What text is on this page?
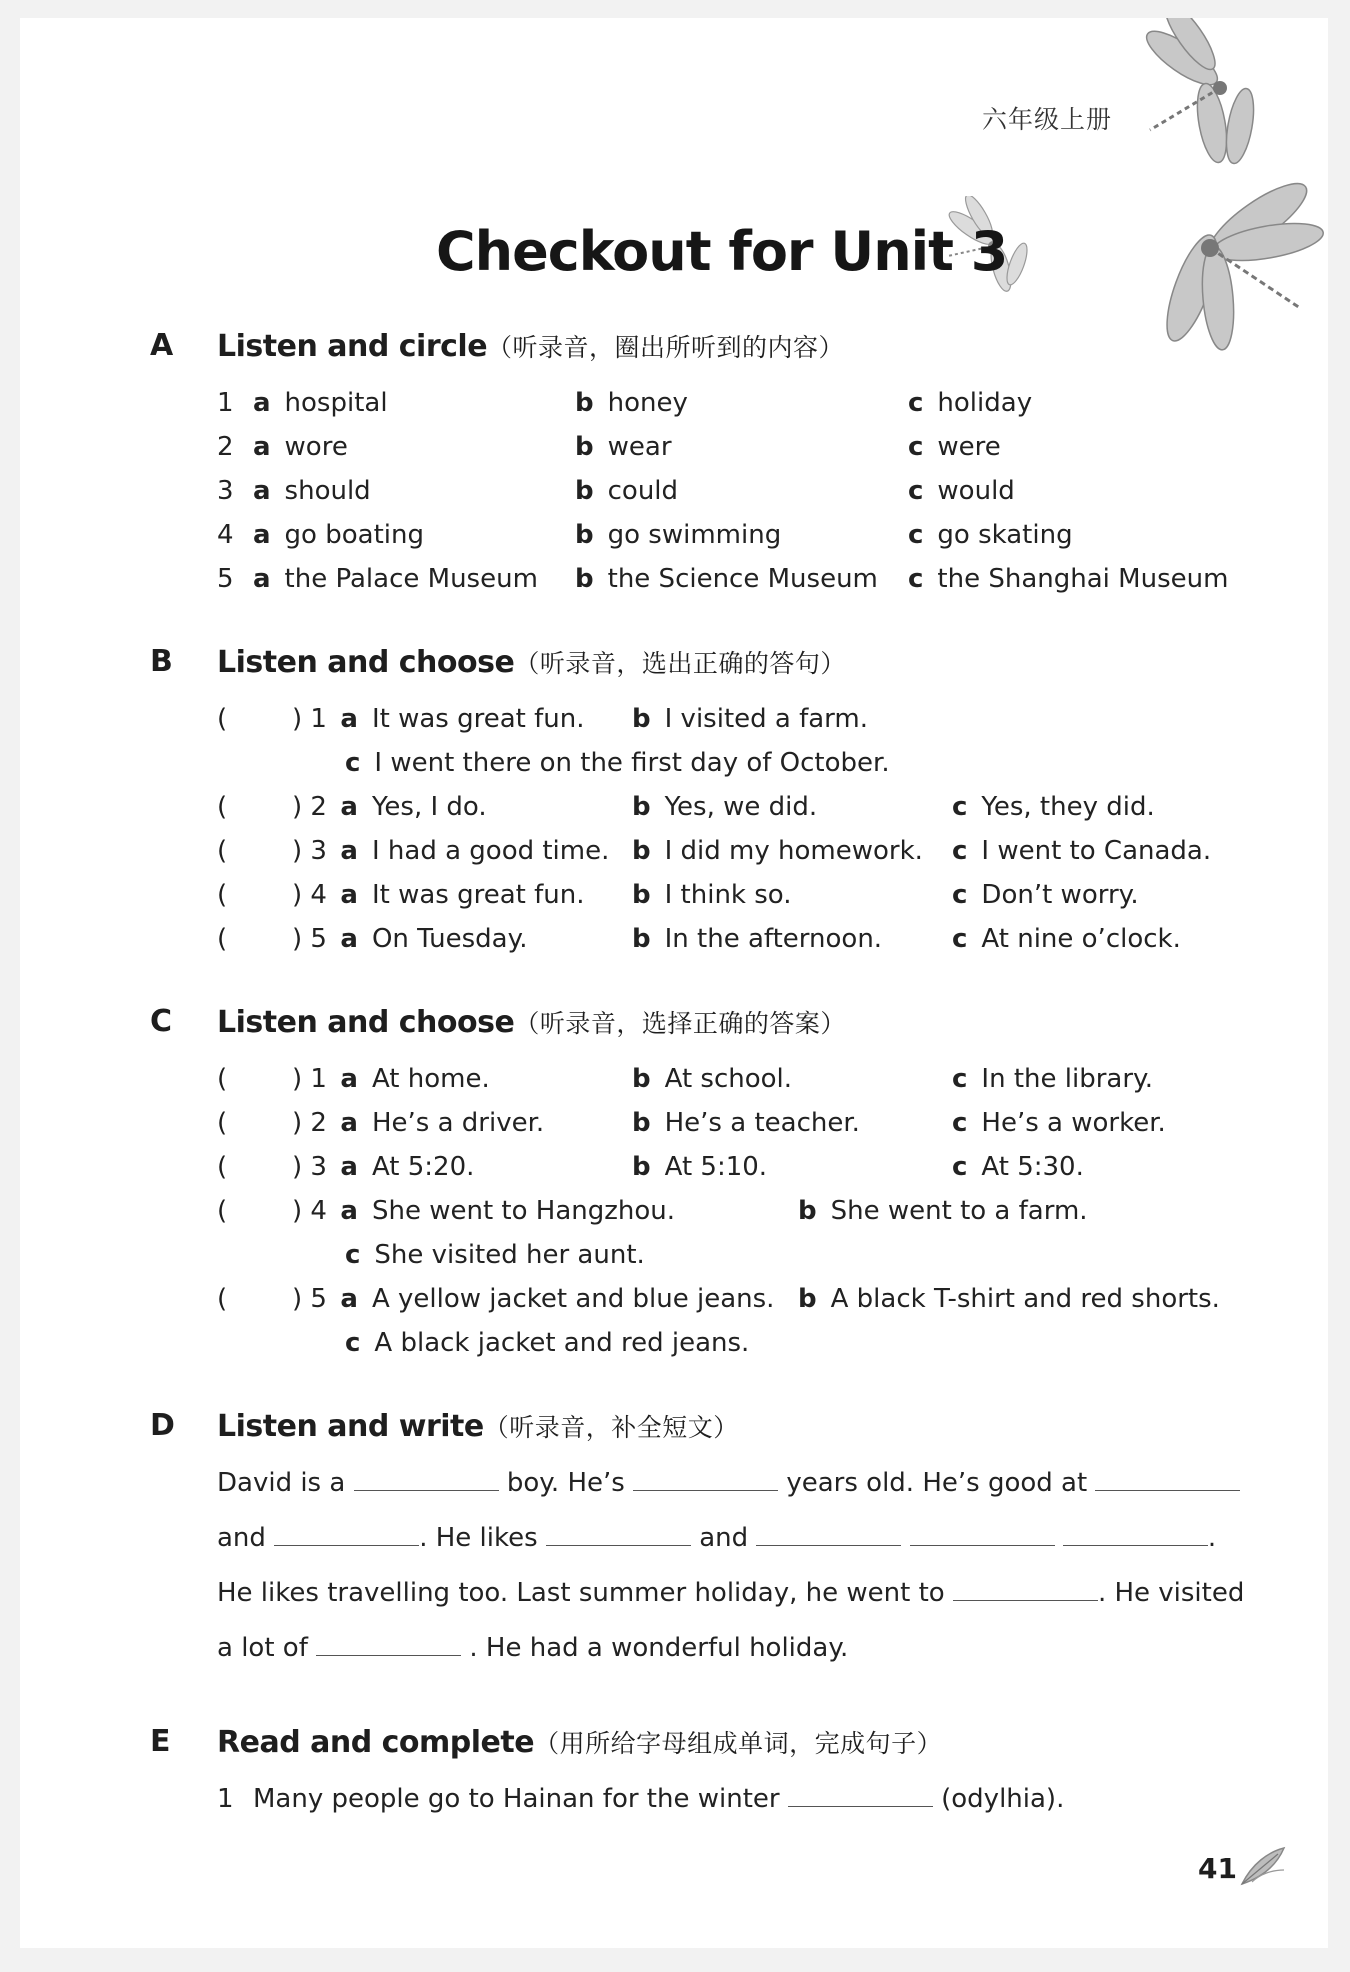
六年级上册
Checkout for Unit 3
A Listen and circle（听录音，圈出所听到的内容）
1 a hospital	b honey	c holiday
2 a wore	b wear	c were
3 a should	b could	c would
4 a go boating	b go swimming	c go skating
5 a the Palace Museum b the Science Museum c the Shanghai Museum
B Listen and choose（听录音，选出正确的答句）
( ) 1 a It was great fun. b I visited a farm.
c I went there on the first day of October.
( ) 2 a Yes, I do.	b Yes, we did.	c Yes, they did.
( ) 3 a I had a good time. b I did my homework. c I went to Canada.
( ) 4 a It was great fun. b I think so.	c Don’t worry.
( ) 5 a On Tuesday.	b In the afternoon.	c At nine o’clock.
C Listen and choose（听录音，选择正确的答案）
( ) 1 a At home.	b At school.	c In the library.
( ) 2 a He’s a driver.	b He’s a teacher.	c He’s a worker.
( ) 3 a At 5:20.	b At 5:10.	c At 5:30.
( ) 4 a She went to Hangzhou.	b She went to a farm.
c She visited her aunt.
( ) 5 a A yellow jacket and blue jeans. b A black T-shirt and red shorts.
c A black jacket and red jeans.
D Listen and write（听录音，补全短文）
David is a	boy. He’s	years old. He’s good at
and	. He likes	and	.
He likes travelling too. Last summer holiday, he went to	. He visited
a lot of	. He had a wonderful holiday.
E Read and complete（用所给字母组成单词，完成句子）
1 Many people go to Hainan for the winter	(odylhia).
41
